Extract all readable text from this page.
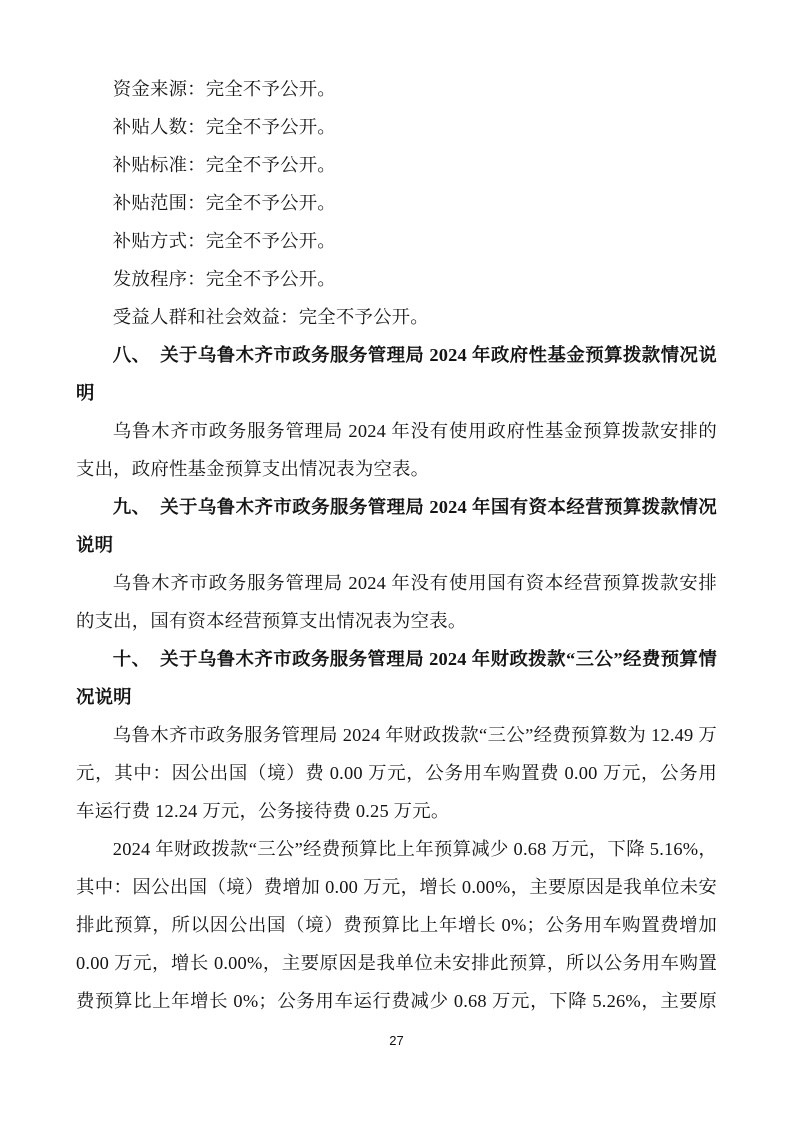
资金来源：完全不予公开。

补贴人数：完全不予公开。

补贴标准：完全不予公开。

补贴范围：完全不予公开。

补贴方式：完全不予公开。

发放程序：完全不予公开。

受益人群和社会效益：完全不予公开。

八、　关于乌鲁木齐市政务服务管理局 2024 年政府性基金预算拨款情况说明

乌鲁木齐市政务服务管理局 2024 年没有使用政府性基金预算拨款安排的支出，政府性基金预算支出情况表为空表。

九、　关于乌鲁木齐市政务服务管理局 2024 年国有资本经营预算拨款情况说明

乌鲁木齐市政务服务管理局 2024 年没有使用国有资本经营预算拨款安排的支出，国有资本经营预算支出情况表为空表。

十、　关于乌鲁木齐市政务服务管理局 2024 年财政拨款“三公”经费预算情况说明

乌鲁木齐市政务服务管理局 2024 年财政拨款“三公”经费预算数为 12.49 万元，其中：因公出国（境）费 0.00 万元，公务用车购置费 0.00 万元，公务用车运行费 12.24 万元，公务接待费 0.25 万元。

2024 年财政拨款“三公”经费预算比上年预算减少 0.68 万元，下降 5.16%，其中：因公出国（境）费增加 0.00 万元，增长 0.00%，主要原因是我单位未安排此预算，所以因公出国（境）费预算比上年增长 0%；公务用车购置费增加 0.00 万元，增长 0.00%，主要原因是我单位未安排此预算，所以公务用车购置费预算比上年增长 0%；公务用车运行费减少 0.68 万元，下降 5.26%，主要原

27
